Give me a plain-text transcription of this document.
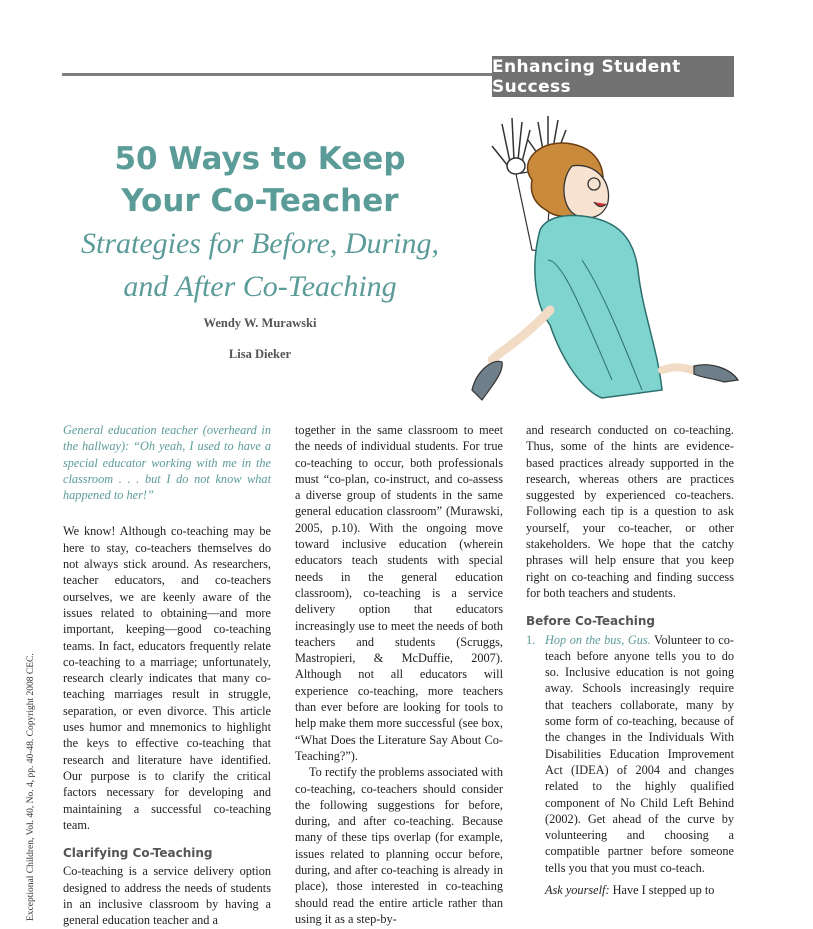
Enhancing Student Success
50 Ways to Keep
Your Co-Teacher
Strategies for Before, During,
and After Co-Teaching
Wendy W. Murawski
Lisa Dieker

General education teacher (overheard in the hallway): “Oh yeah, I used to have a special educator working with me in the classroom . . . but I do not know what happened to her!”

We know! Although co-teaching may be here to stay, co-teachers themselves do not always stick around. As researchers, teacher educators, and co-teachers ourselves, we are keenly aware of the issues related to obtaining—and more important, keeping—good co-teaching teams. In fact, educators frequently relate co-teaching to a marriage; unfortunately, research clearly indicates that many co-teaching marriages result in struggle, separation, or even divorce. This article uses humor and mnemonics to highlight the keys to effective co-teaching that research and literature have identified. Our purpose is to clarify the critical factors necessary for developing and maintaining a successful co-teaching team.

Clarifying Co-Teaching

Co-teaching is a service delivery option designed to address the needs of students in an inclusive classroom by having a general education teacher and a

together in the same classroom to meet the needs of individual students. For true co-teaching to occur, both professionals must “co-plan, co-instruct, and co-assess a diverse group of students in the same general education classroom” (Murawski, 2005, p.10). With the ongoing move toward inclusive education (wherein educators teach students with special needs in the general education classroom), co-teaching is a service delivery option that educators increasingly use to meet the needs of both teachers and students (Scruggs, Mastropieri, & McDuffie, 2007). Although not all educators will experience co-teaching, more teachers than ever before are looking for tools to help make them more successful (see box, “What Does the Literature Say About Co-Teaching?”).

To rectify the problems associated with co-teaching, co-teachers should consider the following suggestions for before, during, and after co-teaching. Because many of these tips overlap (for example, issues related to planning occur before, during, and after co-teaching is already in place), those interested in co-teaching should read the entire article rather than using it as a step-by-

and research conducted on co-teaching. Thus, some of the hints are evidence-based practices already supported in the research, whereas others are practices suggested by experienced co-teachers. Following each tip is a question to ask yourself, your co-teacher, or other stakeholders. We hope that the catchy phrases will help ensure that you keep right on co-teaching and finding success for both teachers and students.

Before Co-Teaching

1. Hop on the bus, Gus. Volunteer to co-teach before anyone tells you to do so. Inclusive education is not going away. Schools increasingly require that teachers collaborate, many by some form of co-teaching, because of the changes in the Individuals With Disabilities Education Improvement Act (IDEA) of 2004 and changes related to the highly qualified component of No Child Left Behind (2002). Get ahead of the curve by volunteering and choosing a compatible partner before someone tells you that you must co-teach.

Ask yourself: Have I stepped up to

Exceptional Children, Vol. 40, No. 4, pp. 40-48. Copyright 2008 CEC.
